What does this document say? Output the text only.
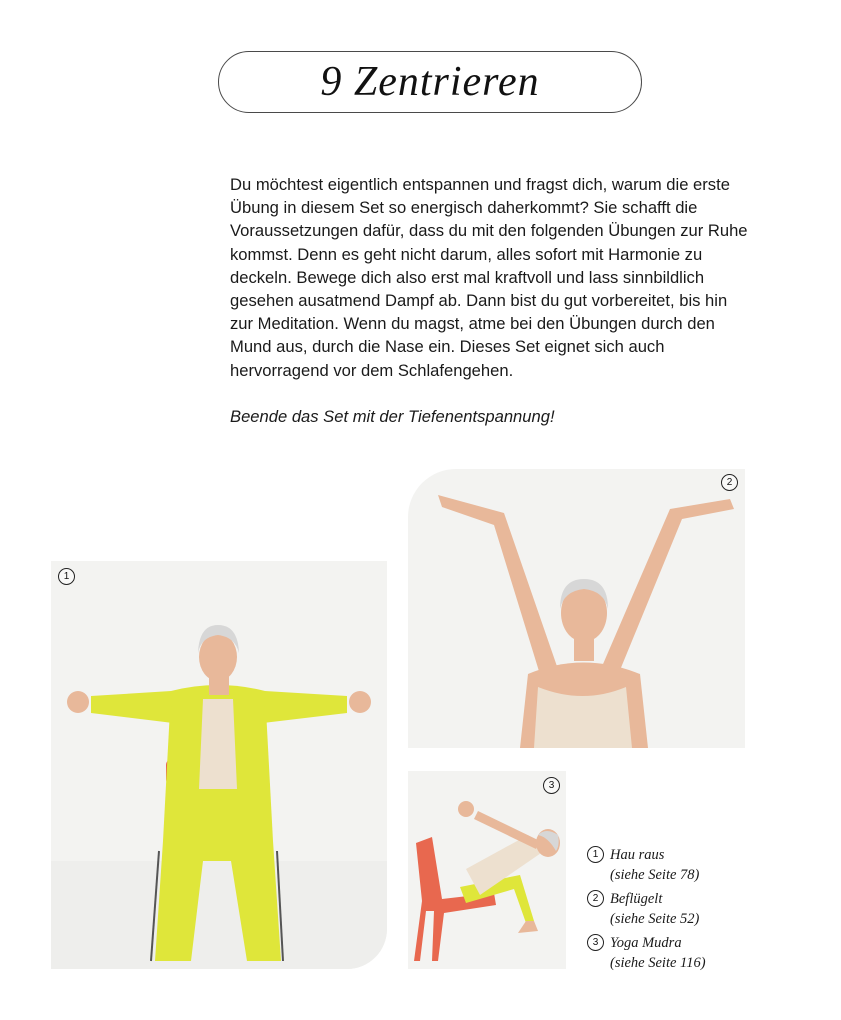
9 Zentrieren

Du möchtest eigentlich entspannen und fragst dich, warum die erste Übung in diesem Set so energisch daherkommt? Sie schafft die Voraussetzungen dafür, dass du mit den folgenden Übungen zur Ruhe kommst. Denn es geht nicht darum, alles sofort mit Harmonie zu deckeln. Bewege dich also erst mal kraftvoll und lass sinnbildlich gesehen ausatmend Dampf ab. Dann bist du gut vorbereitet, bis hin zur Meditation. Wenn du magst, atme bei den Übungen durch den Mund aus, durch die Nase ein. Dieses Set eignet sich auch hervorragend vor dem Schlafengehen.

Beende das Set mit der Tiefenentspannung!

1
2
3
1 Hau raus
(siehe Seite 78)
2 Beflügelt
(siehe Seite 52)
3 Yoga Mudra
(siehe Seite 116)
